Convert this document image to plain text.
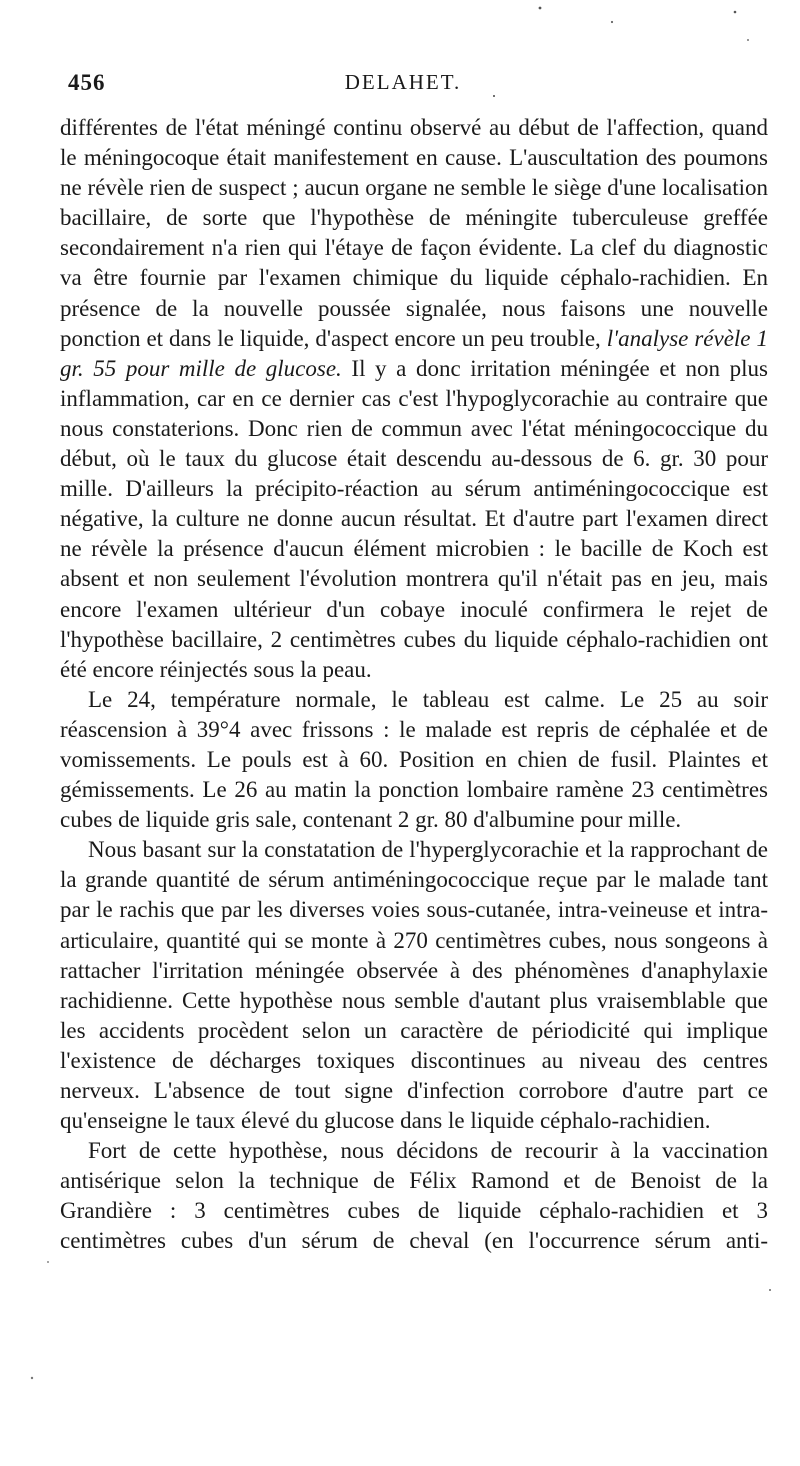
456	DELAHET.

différentes de l'état méningé continu observé au début de l'affection, quand le méningocoque était manifestement en cause. L'auscultation des poumons ne révèle rien de suspect ; aucun organe ne semble le siège d'une localisation bacillaire, de sorte que l'hypothèse de méningite tuberculeuse greffée secondairement n'a rien qui l'étaye de façon évidente. La clef du diagnostic va être fournie par l'examen chimique du liquide céphalo-rachidien. En présence de la nouvelle poussée signalée, nous faisons une nouvelle ponction et dans le liquide, d'aspect encore un peu trouble, l'analyse révèle 1 gr. 55 pour mille de glucose. Il y a donc irritation méningée et non plus inflammation, car en ce dernier cas c'est l'hypoglycorachie au contraire que nous constaterions. Donc rien de commun avec l'état méningococcique du début, où le taux du glucose était descendu au-dessous de 6. gr. 30 pour mille. D'ailleurs la précipito-réaction au sérum antiméningococcique est négative, la culture ne donne aucun résultat. Et d'autre part l'examen direct ne révèle la présence d'aucun élément microbien : le bacille de Koch est absent et non seulement l'évolution montrera qu'il n'était pas en jeu, mais encore l'examen ultérieur d'un cobaye inoculé confirmera le rejet de l'hypothèse bacillaire, 2 centimètres cubes du liquide céphalo-rachidien ont été encore réinjectés sous la peau.

Le 24, température normale, le tableau est calme. Le 25 au soir réascension à 39°4 avec frissons : le malade est repris de céphalée et de vomissements. Le pouls est à 60. Position en chien de fusil. Plaintes et gémissements. Le 26 au matin la ponction lombaire ramène 23 centimètres cubes de liquide gris sale, contenant 2 gr. 80 d'albumine pour mille.

Nous basant sur la constatation de l'hyperglycorachie et la rapprochant de la grande quantité de sérum antiméningococcique reçue par le malade tant par le rachis que par les diverses voies sous-cutanée, intra-veineuse et intra-articulaire, quantité qui se monte à 270 centimètres cubes, nous songeons à rattacher l'irritation méningée observée à des phénomènes d'anaphylaxie rachidienne. Cette hypothèse nous semble d'autant plus vraisemblable que les accidents procèdent selon un caractère de périodicité qui implique l'existence de décharges toxiques discontinues au niveau des centres nerveux. L'absence de tout signe d'infection corrobore d'autre part ce qu'enseigne le taux élevé du glucose dans le liquide céphalo-rachidien.

Fort de cette hypothèse, nous décidons de recourir à la vaccination antisérique selon la technique de Félix Ramond et de Benoist de la Grandière : 3 centimètres cubes de liquide céphalo-rachidien et 3 centimètres cubes d'un sérum de cheval (en l'occurrence sérum anti-
